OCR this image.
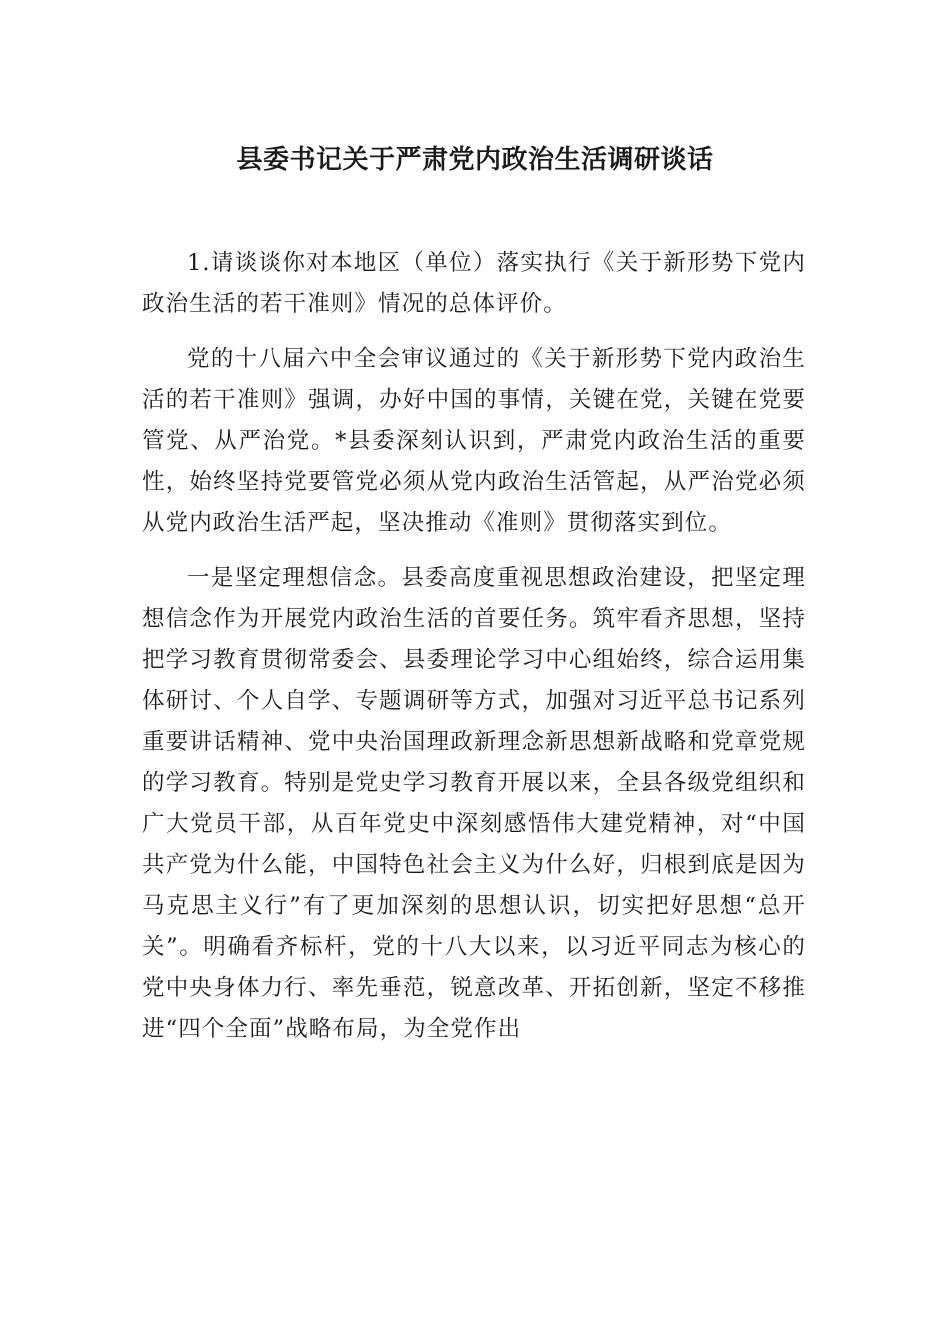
县委书记关于严肃党内政治生活调研谈话

1.请谈谈你对本地区（单位）落实执行《关于新形势下党内政治生活的若干准则》情况的总体评价。

党的十八届六中全会审议通过的《关于新形势下党内政治生活的若干准则》强调，办好中国的事情，关键在党，关键在党要管党、从严治党。*县委深刻认识到，严肃党内政治生活的重要性，始终坚持党要管党必须从党内政治生活管起，从严治党必须从党内政治生活严起，坚决推动《准则》贯彻落实到位。

一是坚定理想信念。县委高度重视思想政治建设，把坚定理想信念作为开展党内政治生活的首要任务。筑牢看齐思想，坚持把学习教育贯彻常委会、县委理论学习中心组始终，综合运用集体研讨、个人自学、专题调研等方式，加强对习近平总书记系列重要讲话精神、党中央治国理政新理念新思想新战略和党章党规的学习教育。特别是党史学习教育开展以来，全县各级党组织和广大党员干部，从百年党史中深刻感悟伟大建党精神，对“中国共产党为什么能，中国特色社会主义为什么好，归根到底是因为马克思主义行”有了更加深刻的思想认识，切实把好思想“总开关”。明确看齐标杆，党的十八大以来，以习近平同志为核心的党中央身体力行、率先垂范，锐意改革、开拓创新，坚定不移推进“四个全面”战略布局，为全党作出
